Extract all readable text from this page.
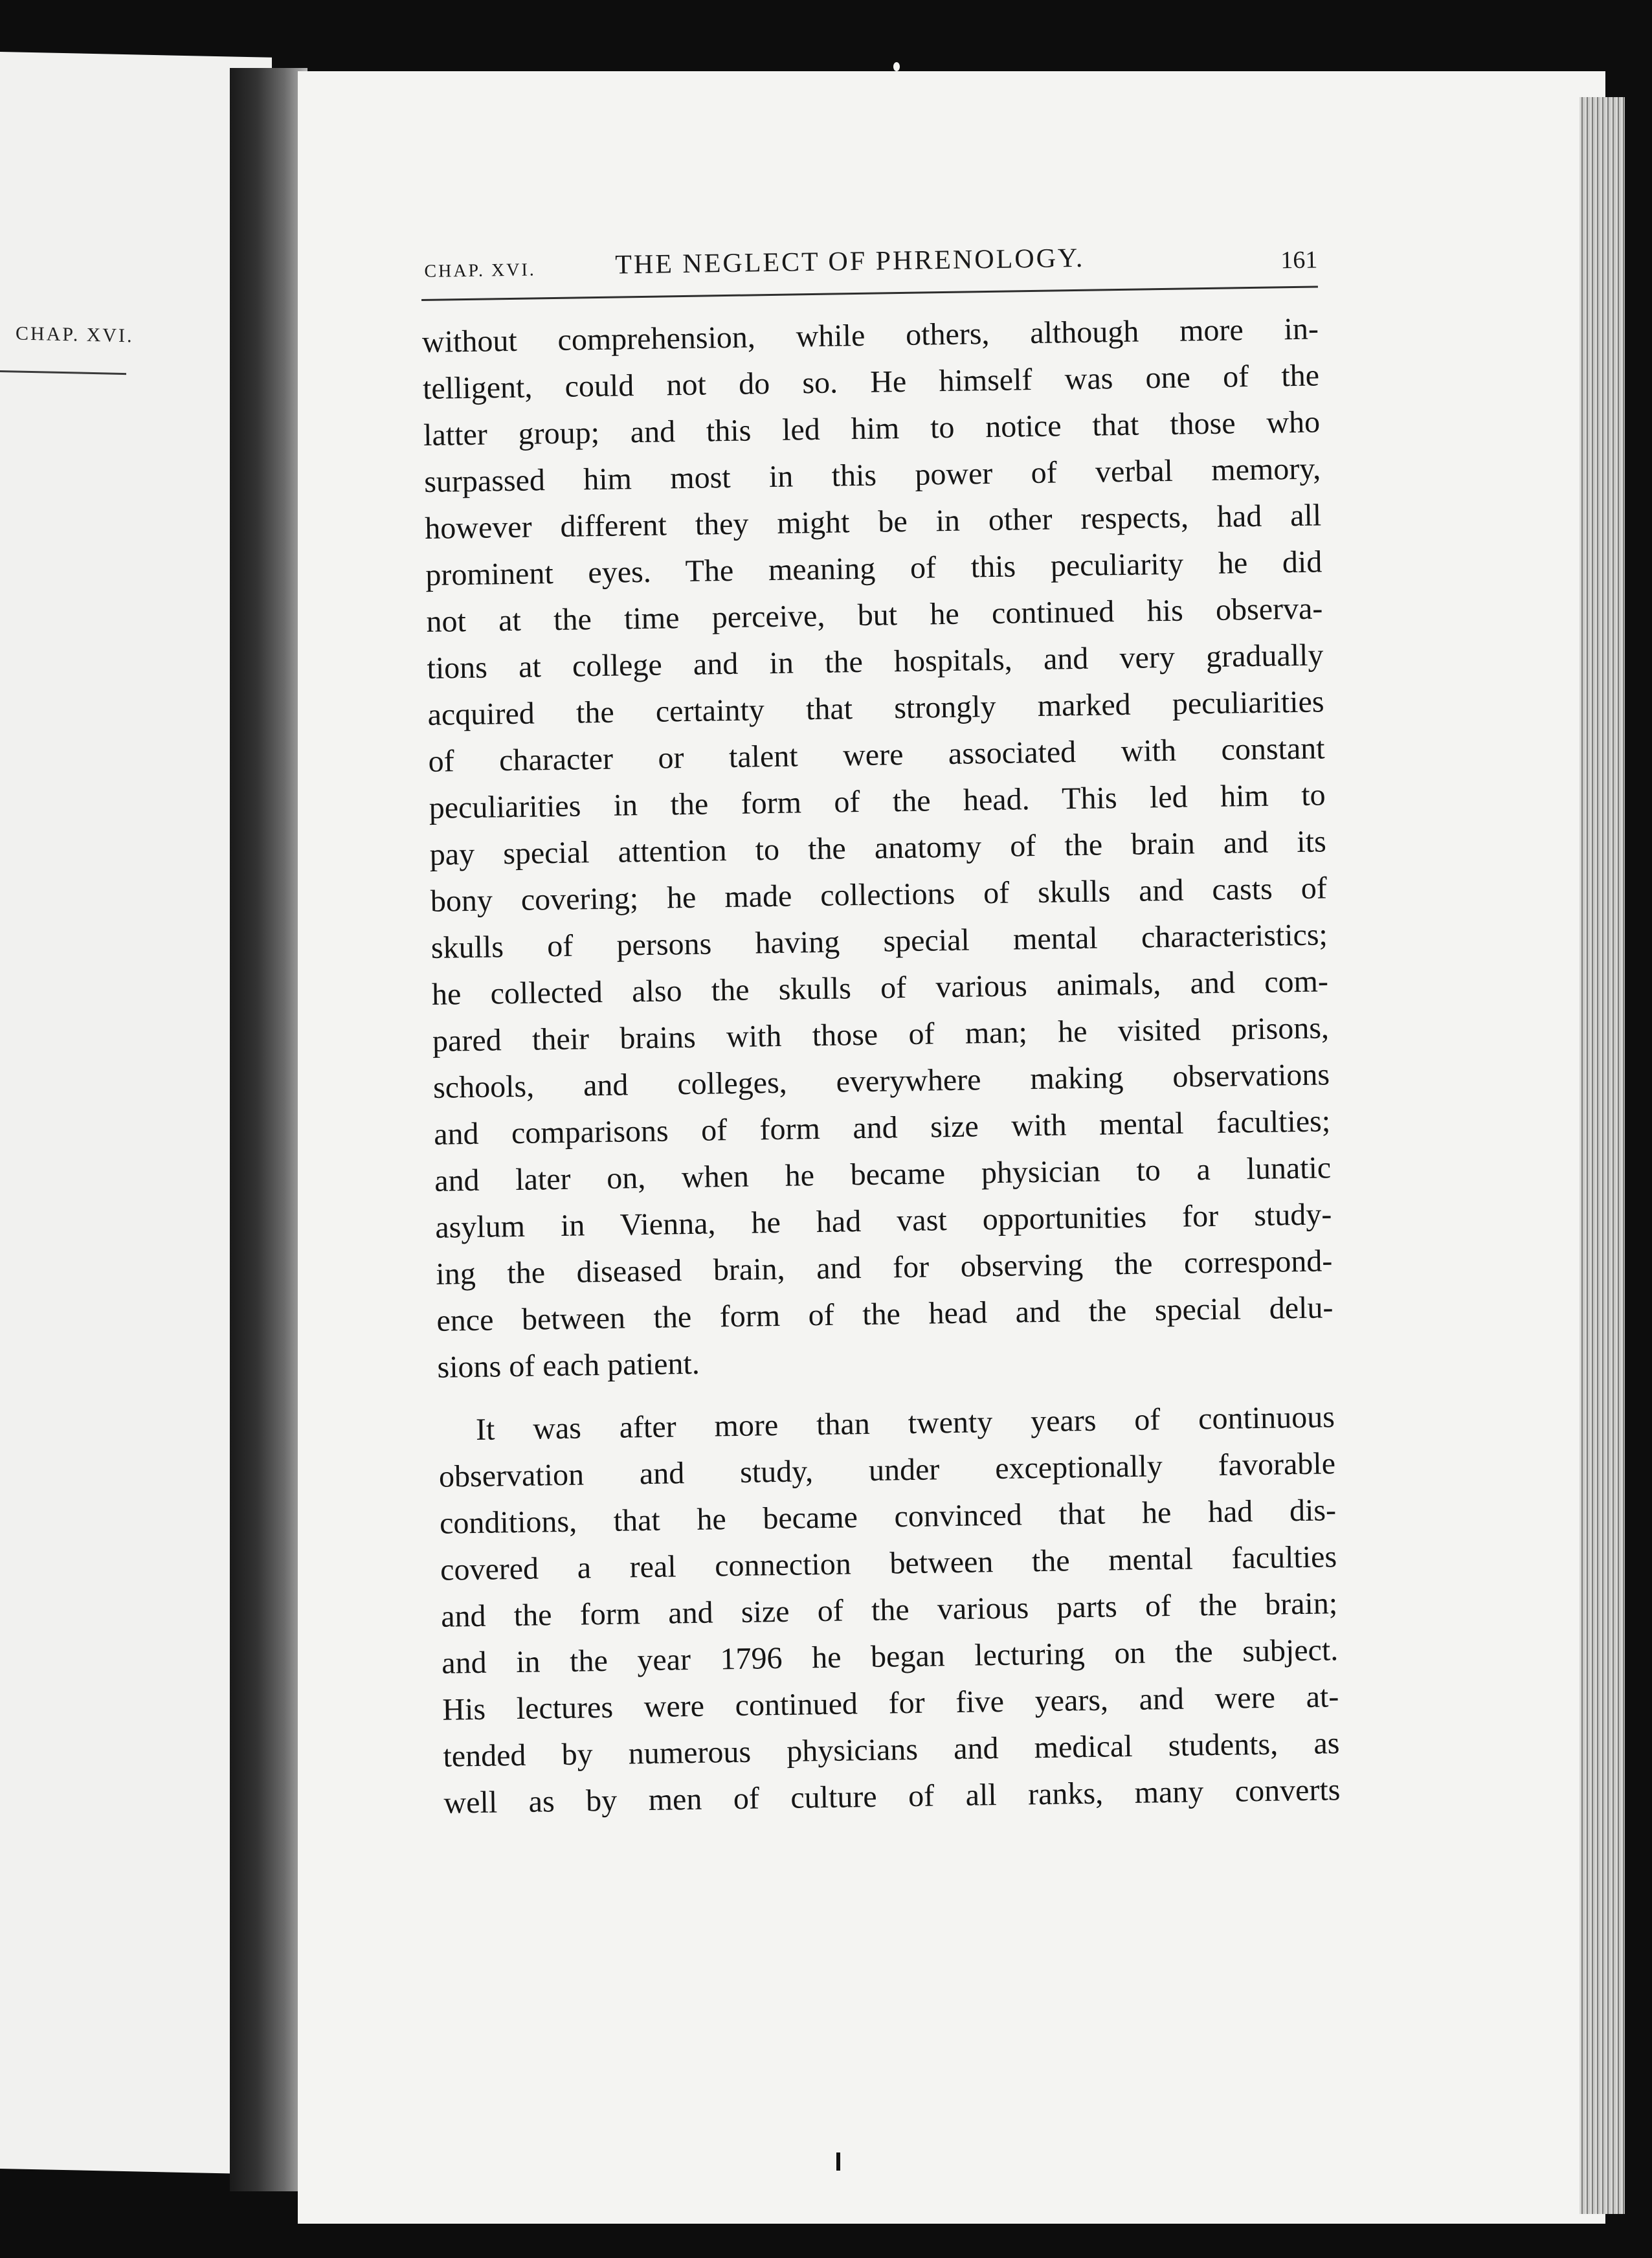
CHAP. XVI.
CHAP. XVI.	THE NEGLECT OF PHRENOLOGY.	161
without comprehension, while others, although more in-
telligent, could not do so. He himself was one of the
latter group; and this led him to notice that those who
surpassed him most in this power of verbal memory,
however different they might be in other respects, had all
prominent eyes. The meaning of this peculiarity he did
not at the time perceive, but he continued his observa-
tions at college and in the hospitals, and very gradually
acquired the certainty that strongly marked peculiarities
of character or talent were associated with constant
peculiarities in the form of the head. This led him to
pay special attention to the anatomy of the brain and its
bony covering; he made collections of skulls and casts of
skulls of persons having special mental characteristics;
he collected also the skulls of various animals, and com-
pared their brains with those of man; he visited prisons,
schools, and colleges, everywhere making observations
and comparisons of form and size with mental faculties;
and later on, when he became physician to a lunatic
asylum in Vienna, he had vast opportunities for study-
ing the diseased brain, and for observing the correspond-
ence between the form of the head and the special delu-
sions of each patient.
It was after more than twenty years of continuous
observation and study, under exceptionally favorable
conditions, that he became convinced that he had dis-
covered a real connection between the mental faculties
and the form and size of the various parts of the brain;
and in the year 1796 he began lecturing on the subject.
His lectures were continued for five years, and were at-
tended by numerous physicians and medical students, as
well as by men of culture of all ranks, many converts
